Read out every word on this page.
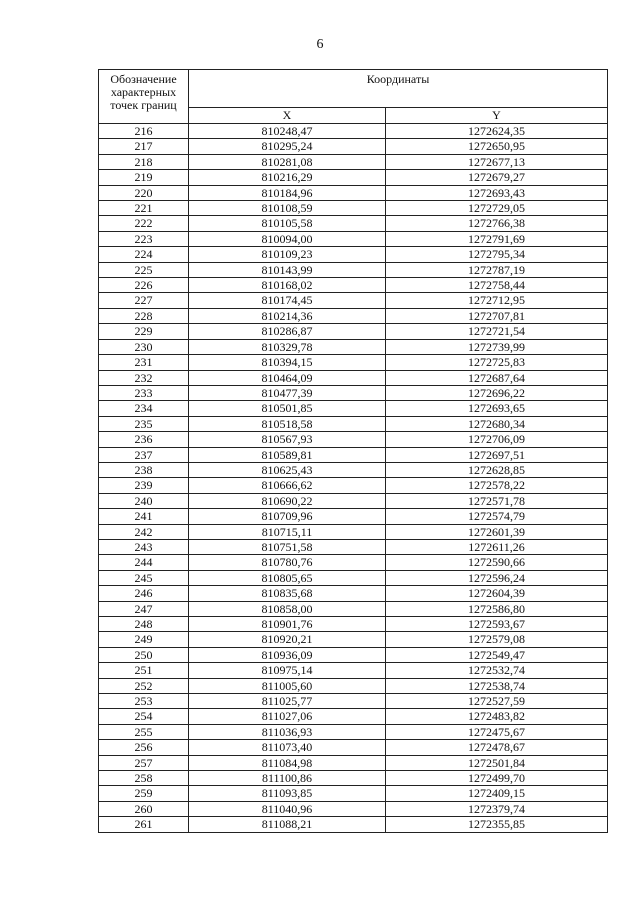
6
Обозначение характерных точек границ	Координаты	
	X	Y
216	810248,47	1272624,35
217	810295,24	1272650,95
218	810281,08	1272677,13
219	810216,29	1272679,27
220	810184,96	1272693,43
221	810108,59	1272729,05
222	810105,58	1272766,38
223	810094,00	1272791,69
224	810109,23	1272795,34
225	810143,99	1272787,19
226	810168,02	1272758,44
227	810174,45	1272712,95
228	810214,36	1272707,81
229	810286,87	1272721,54
230	810329,78	1272739,99
231	810394,15	1272725,83
232	810464,09	1272687,64
233	810477,39	1272696,22
234	810501,85	1272693,65
235	810518,58	1272680,34
236	810567,93	1272706,09
237	810589,81	1272697,51
238	810625,43	1272628,85
239	810666,62	1272578,22
240	810690,22	1272571,78
241	810709,96	1272574,79
242	810715,11	1272601,39
243	810751,58	1272611,26
244	810780,76	1272590,66
245	810805,65	1272596,24
246	810835,68	1272604,39
247	810858,00	1272586,80
248	810901,76	1272593,67
249	810920,21	1272579,08
250	810936,09	1272549,47
251	810975,14	1272532,74
252	811005,60	1272538,74
253	811025,77	1272527,59
254	811027,06	1272483,82
255	811036,93	1272475,67
256	811073,40	1272478,67
257	811084,98	1272501,84
258	811100,86	1272499,70
259	811093,85	1272409,15
260	811040,96	1272379,74
261	811088,21	1272355,85
